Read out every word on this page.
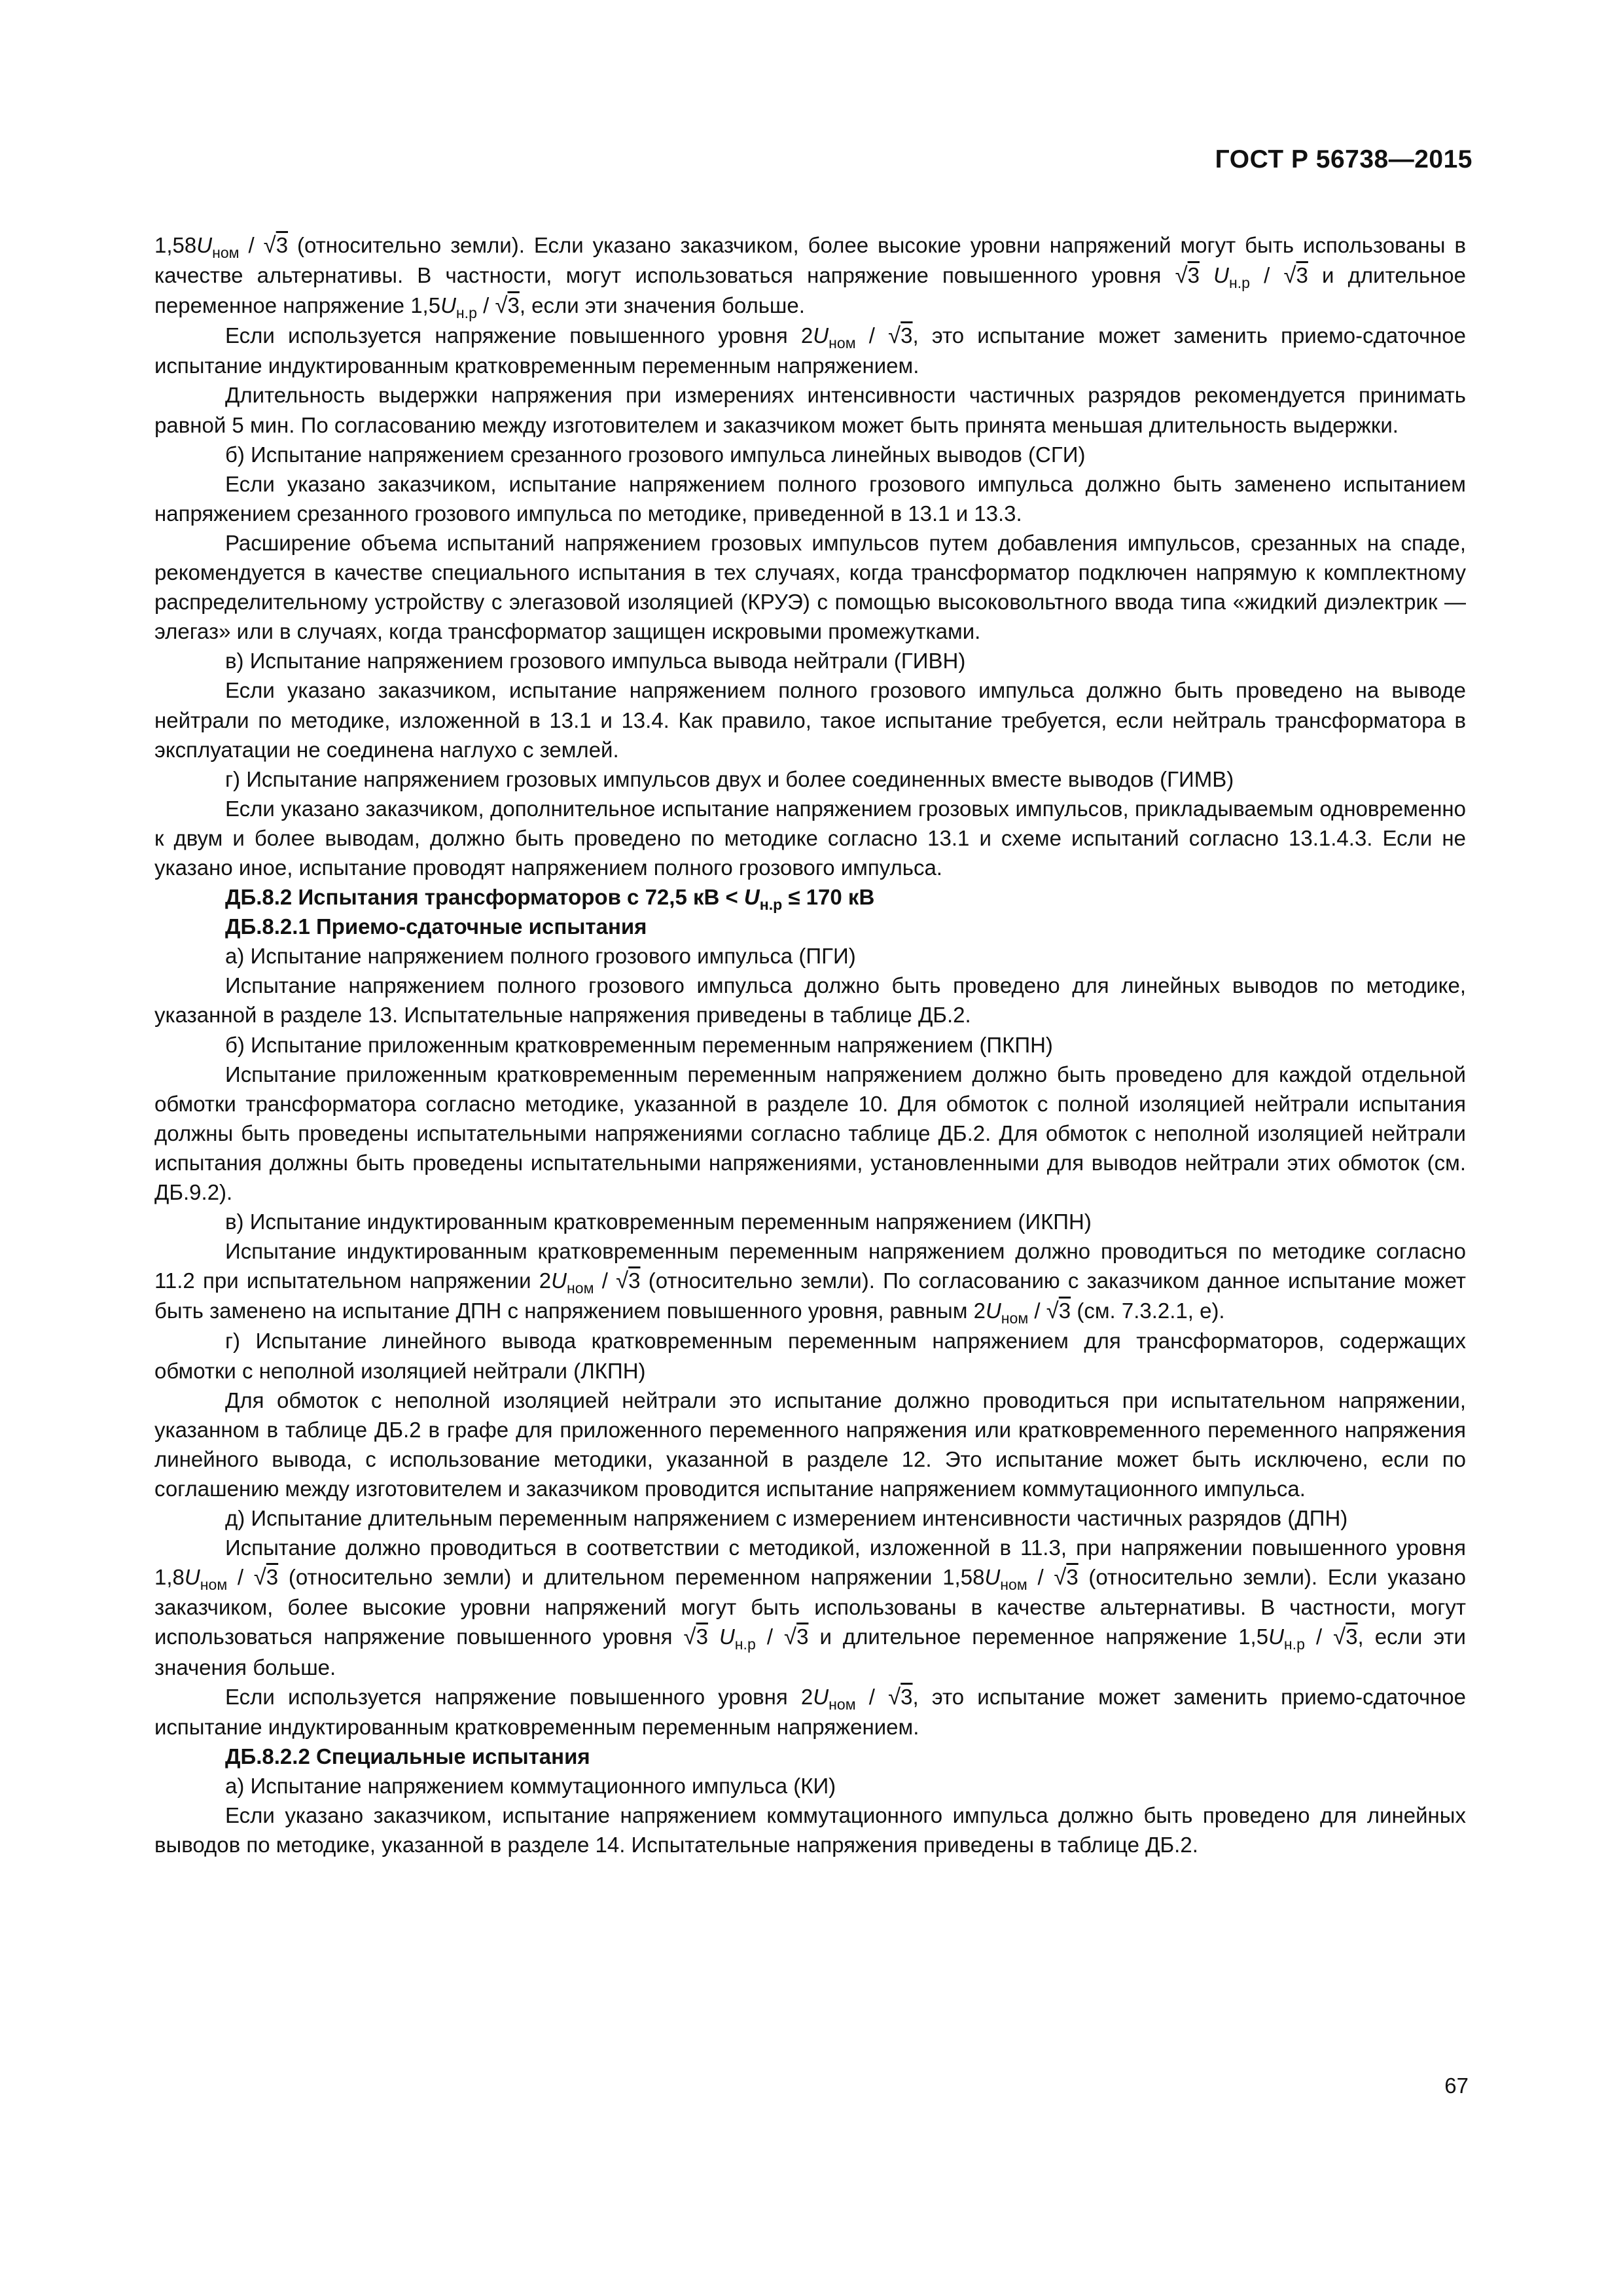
ГОСТ Р 56738—2015

$1,58U_{ном} / √3$ (относительно земли). Если указано заказчиком, более высокие уровни напряжений могут быть использованы в качестве альтернативы. В частности, могут использоваться напряжение повышенного уровня √3 $U_{н.р} / √3$ и длительное переменное напряжение $1,5U_{н.р} / √3$, если эти значения больше.

Если используется напряжение повышенного уровня $2U_{ном} / √3$, это испытание может заменить приемо-сдаточное испытание индуктированным кратковременным переменным напряжением.

Длительность выдержки напряжения при измерениях интенсивности частичных разрядов рекомендуется принимать равной 5 мин. По согласованию между изготовителем и заказчиком может быть принята меньшая длительность выдержки.

б) Испытание напряжением срезанного грозового импульса линейных выводов (СГИ)

Если указано заказчиком, испытание напряжением полного грозового импульса должно быть заменено испытанием напряжением срезанного грозового импульса по методике, приведенной в 13.1 и 13.3.

Расширение объема испытаний напряжением грозовых импульсов путем добавления импульсов, срезанных на спаде, рекомендуется в качестве специального испытания в тех случаях, когда трансформатор подключен напрямую к комплектному распределительному устройству с элегазовой изоляцией (КРУЭ) с помощью высоковольтного ввода типа «жидкий диэлектрик — элегаз» или в случаях, когда трансформатор защищен искровыми промежутками.

в) Испытание напряжением грозового импульса вывода нейтрали (ГИВН)

Если указано заказчиком, испытание напряжением полного грозового импульса должно быть проведено на выводе нейтрали по методике, изложенной в 13.1 и 13.4. Как правило, такое испытание требуется, если нейтраль трансформатора в эксплуатации не соединена наглухо с землей.

г) Испытание напряжением грозовых импульсов двух и более соединенных вместе выводов (ГИМВ)

Если указано заказчиком, дополнительное испытание напряжением грозовых импульсов, прикладываемым одновременно к двум и более выводам, должно быть проведено по методике согласно 13.1 и схеме испытаний согласно 13.1.4.3. Если не указано иное, испытание проводят напряжением полного грозового импульса.

ДБ.8.2 Испытания трансформаторов с 72,5 кВ < $U_{н.р} \le 170$ кВ

ДБ.8.2.1 Приемо-сдаточные испытания

а) Испытание напряжением полного грозового импульса (ПГИ)

Испытание напряжением полного грозового импульса должно быть проведено для линейных выводов по методике, указанной в разделе 13. Испытательные напряжения приведены в таблице ДБ.2.

б) Испытание приложенным кратковременным переменным напряжением (ПКПН)

Испытание приложенным кратковременным переменным напряжением должно быть проведено для каждой отдельной обмотки трансформатора согласно методике, указанной в разделе 10. Для обмоток с полной изоляцией нейтрали испытания должны быть проведены испытательными напряжениями согласно таблице ДБ.2. Для обмоток с неполной изоляцией нейтрали испытания должны быть проведены испытательными напряжениями, установленными для выводов нейтрали этих обмоток (см. ДБ.9.2).

в) Испытание индуктированным кратковременным переменным напряжением (ИКПН)

Испытание индуктированным кратковременным переменным напряжением должно проводиться по методике согласно 11.2 при испытательном напряжении $2U_{ном} / √3$ (относительно земли). По согласованию с заказчиком данное испытание может быть заменено на испытание ДПН с напряжением повышенного уровня, равным $2U_{ном} / √3$ (см. 7.3.2.1, е).

г) Испытание линейного вывода кратковременным переменным напряжением для трансформаторов, содержащих обмотки с неполной изоляцией нейтрали (ЛКПН)

Для обмоток с неполной изоляцией нейтрали это испытание должно проводиться при испытательном напряжении, указанном в таблице ДБ.2 в графе для приложенного переменного напряжения или кратковременного переменного напряжения линейного вывода, с использование методики, указанной в разделе 12. Это испытание может быть исключено, если по соглашению между изготовителем и заказчиком проводится испытание напряжением коммутационного импульса.

д) Испытание длительным переменным напряжением с измерением интенсивности частичных разрядов (ДПН)

Испытание должно проводиться в соответствии с методикой, изложенной в 11.3, при напряжении повышенного уровня $1,8U_{ном} / √3$ (относительно земли) и длительном переменном напряжении $1,58U_{ном} / √3$ (относительно земли). Если указано заказчиком, более высокие уровни напряжений могут быть использованы в качестве альтернативы. В частности, могут использоваться напряжение повышенного уровня √3 $U_{н.р} / √3$ и длительное переменное напряжение $1,5U_{н.р} / √3$, если эти значения больше.

Если используется напряжение повышенного уровня $2U_{ном} / √3$, это испытание может заменить приемо-сдаточное испытание индуктированным кратковременным переменным напряжением.

ДБ.8.2.2 Специальные испытания

а) Испытание напряжением коммутационного импульса (КИ)

Если указано заказчиком, испытание напряжением коммутационного импульса должно быть проведено для линейных выводов по методике, указанной в разделе 14. Испытательные напряжения приведены в таблице ДБ.2.

67
